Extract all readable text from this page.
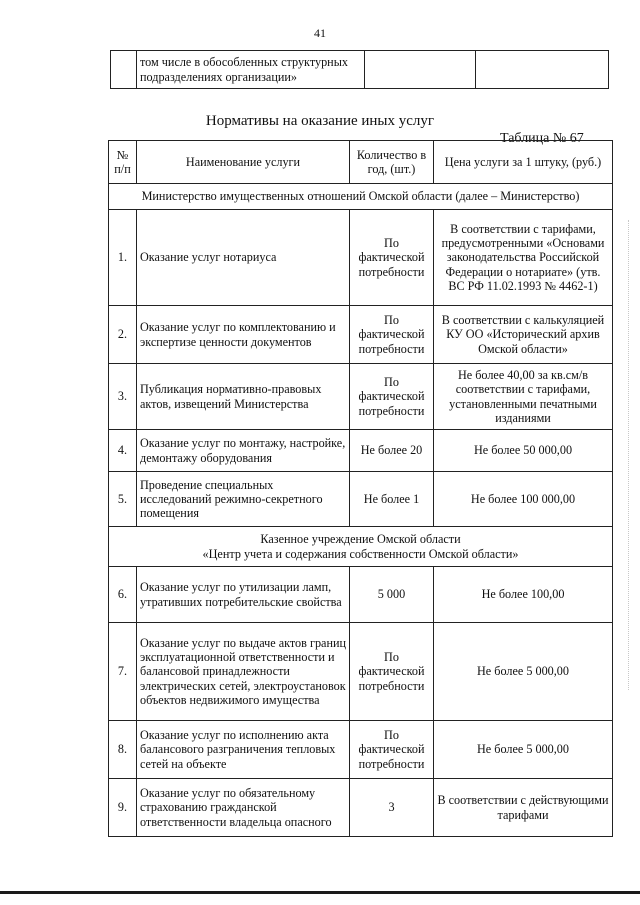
41
	том числе в обособленных структурных подразделениях организации»		
Нормативы на оказание иных услуг
Таблица № 67
№ п/п	Наименование услуги	Количество в год, (шт.)	Цена услуги за 1 штуку, (руб.)
Министерство имущественных отношений Омской области (далее – Министерство)			
1.	Оказание услуг нотариуса	По фактической потребности	В соответствии с тарифами, предусмотренными «Основами законодательства Российской Федерации о нотариате» (утв. ВС РФ 11.02.1993 № 4462-1)
2.	Оказание услуг по комплектованию и экспертизе ценности документов	По фактической потребности	В соответствии с калькуляцией КУ ОО «Исторический архив Омской области»
3.	Публикация нормативно-правовых актов, извещений Министерства	По фактической потребности	Не более 40,00 за кв.см/в соответствии с тарифами, установленными печатными изданиями
4.	Оказание услуг по монтажу, настройке, демонтажу оборудования	Не более 20	Не более 50 000,00
5.	Проведение специальных исследований режимно-секретного помещения	Не более 1	Не более 100 000,00

Казенное учреждение Омской области
«Центр учета и содержания собственности Омской области»			

6.	Оказание услуг по утилизации ламп, утративших потребительские свойства	5 000	Не более 100,00
7.	Оказание услуг по выдаче актов границ эксплуатационной ответственности и балансовой принадлежности электрических сетей, электроустановок объектов недвижимого имущества	По фактической потребности	Не более 5 000,00
8.	Оказание услуг по исполнению акта балансового разграничения тепловых сетей на объекте	По фактической потребности	Не более 5 000,00
9.	Оказание услуг по обязательному страхованию гражданской ответственности владельца опасного	3	В соответствии с действующими тарифами
